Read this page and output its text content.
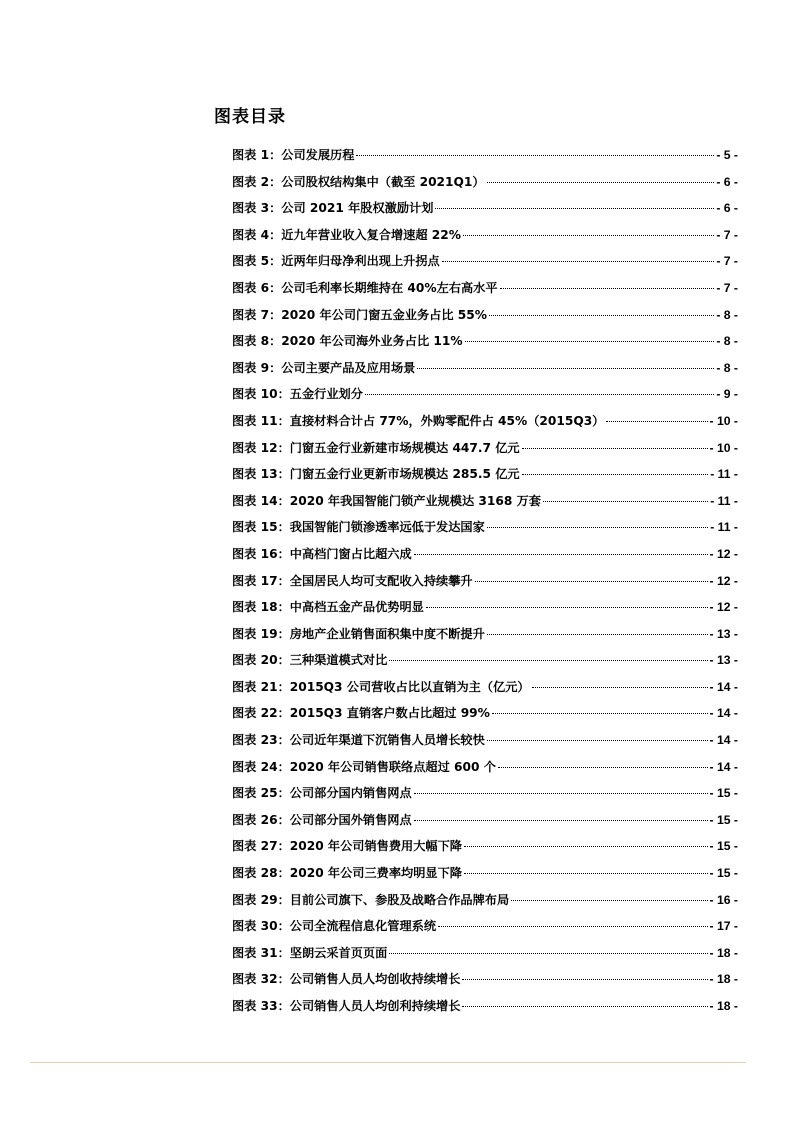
图表目录
图表 1： 公司发展历程	- 5 -
图表 2： 公司股权结构集中（截至 2021Q1）	- 6 -
图表 3： 公司 2021 年股权激励计划	- 6 -
图表 4： 近九年营业收入复合增速超 22%	- 7 -
图表 5： 近两年归母净利出现上升拐点	- 7 -
图表 6： 公司毛利率长期维持在 40%左右高水平	- 7 -
图表 7： 2020 年公司门窗五金业务占比 55%	- 8 -
图表 8： 2020 年公司海外业务占比 11%	- 8 -
图表 9： 公司主要产品及应用场景	- 8 -
图表 10： 五金行业划分	- 9 -
图表 11： 直接材料合计占 77%，外购零配件占 45%（2015Q3）	- 10 -
图表 12： 门窗五金行业新建市场规模达 447.7 亿元	- 10 -
图表 13： 门窗五金行业更新市场规模达 285.5 亿元	- 11 -
图表 14： 2020 年我国智能门锁产业规模达 3168 万套	- 11 -
图表 15： 我国智能门锁渗透率远低于发达国家	- 11 -
图表 16： 中高档门窗占比超六成	- 12 -
图表 17： 全国居民人均可支配收入持续攀升	- 12 -
图表 18： 中高档五金产品优势明显	- 12 -
图表 19： 房地产企业销售面积集中度不断提升	- 13 -
图表 20： 三种渠道模式对比	- 13 -
图表 21： 2015Q3 公司营收占比以直销为主（亿元）	- 14 -
图表 22： 2015Q3 直销客户数占比超过 99%	- 14 -
图表 23： 公司近年渠道下沉销售人员增长较快	- 14 -
图表 24： 2020 年公司销售联络点超过 600 个	- 14 -
图表 25： 公司部分国内销售网点	- 15 -
图表 26： 公司部分国外销售网点	- 15 -
图表 27： 2020 年公司销售费用大幅下降	- 15 -
图表 28： 2020 年公司三费率均明显下降	- 15 -
图表 29： 目前公司旗下、参股及战略合作品牌布局	- 16 -
图表 30： 公司全流程信息化管理系统	- 17 -
图表 31： 坚朗云采首页页面	- 18 -
图表 32： 公司销售人员人均创收持续增长	- 18 -
图表 33： 公司销售人员人均创利持续增长	- 18 -
